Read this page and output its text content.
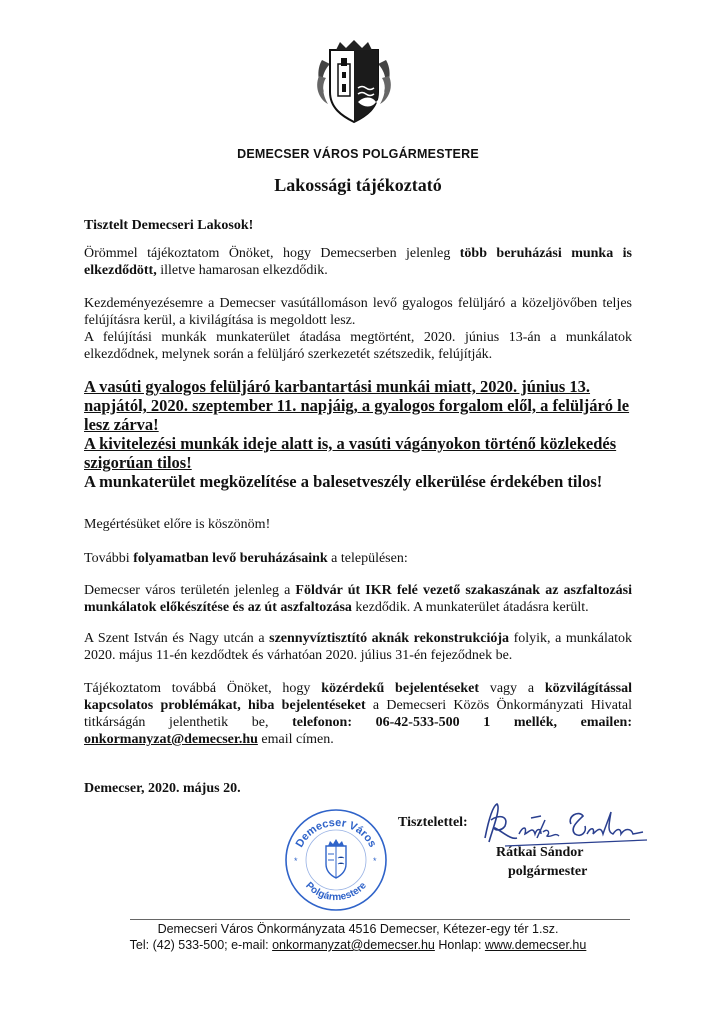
DEMECSER VÁROS POLGÁRMESTERE
Lakossági tájékoztató
Tisztelt Demecseri Lakosok!
Örömmel tájékoztatom Önöket, hogy Demecserben jelenleg több beruházási munka is elkezdődött, illetve hamarosan elkezdődik.
Kezdeményezésemre a Demecser vasútállomáson levő gyalogos felüljáró a közeljövőben teljes felújításra kerül, a kivilágítása is megoldott lesz.
A felújítási munkák munkaterület átadása megtörtént, 2020. június 13-án a munkálatok elkezdődnek, melynek során a felüljáró szerkezetét szétszedik, felújítják.
A vasúti gyalogos felüljáró karbantartási munkái miatt, 2020. június 13. napjától, 2020. szeptember 11. napjáig, a gyalogos forgalom elől, a felüljáró le lesz zárva!
A kivitelezési munkák ideje alatt is, a vasúti vágányokon történő közlekedés szigorúan tilos!
A munkaterület megközelítése a balesetveszély elkerülése érdekében tilos!
Megértésüket előre is köszönöm!
További folyamatban levő beruházásaink a településen:
Demecser város területén jelenleg a Földvár út IKR felé vezető szakaszának az aszfaltozási munkálatok előkészítése és az út aszfaltozása kezdődik. A munkaterület átadásra került.
A Szent István és Nagy utcán a szennyvíztisztító aknák rekonstrukciója folyik, a munkálatok 2020. május 11-én kezdődtek és várhatóan 2020. július 31-én fejeződnek be.
Tájékoztatom továbbá Önöket, hogy közérdekű bejelentéseket vagy a közvilágítással kapcsolatos problémákat, hiba bejelentéseket a Demecseri Közös Önkormányzati Hivatal titkárságán jelenthetik be, telefonon: 06-42-533-500 1 mellék, emailen: onkormanyzat@demecser.hu email címen.
Demecser, 2020. május 20.
Demecser Város
Polgármestere
*	*
Tisztelettel:
Rátkai Sándor
polgármester
Demecseri Város Önkormányzata 4516 Demecser, Kétezer-egy tér 1.sz.
Tel: (42) 533-500; e-mail: onkormanyzat@demecser.hu Honlap: www.demecser.hu
